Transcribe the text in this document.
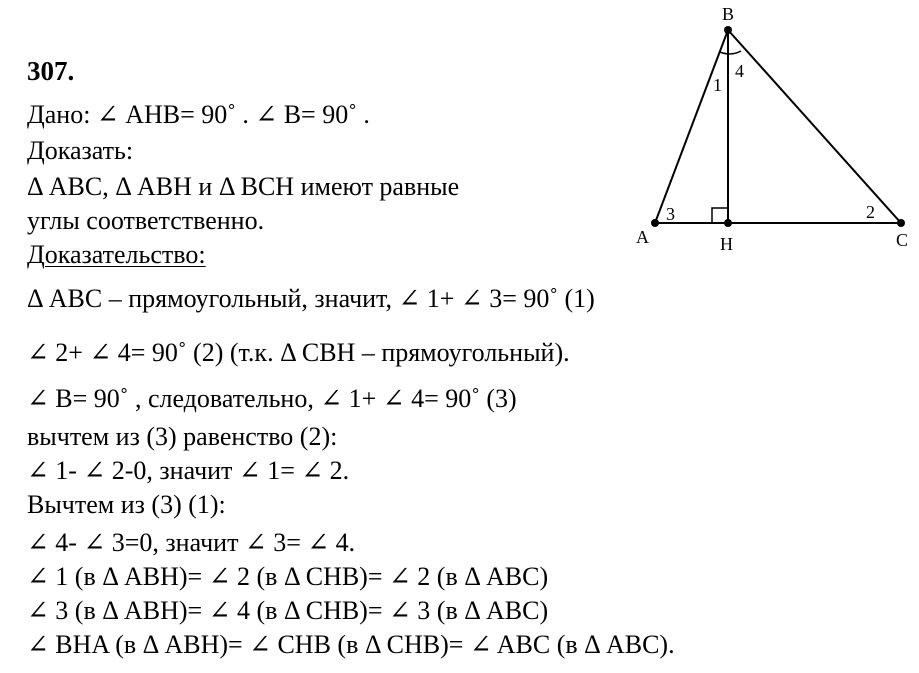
307.
Дано: ∠ AHB= 90˚ . ∠ B= 90˚ .
Доказать:
Δ ABC, Δ ABH и Δ BCH имеют равные
углы соответственно.
Доказательство:
Δ ABC – прямоугольный, значит, ∠ 1+ ∠ 3= 90˚ (1)
∠ 2+ ∠ 4= 90˚ (2) (т.к. Δ CBH – прямоугольный).
∠ B= 90˚ , следовательно, ∠ 1+ ∠ 4= 90˚ (3)
вычтем из (3) равенство (2):
∠ 1- ∠ 2-0, значит ∠ 1= ∠ 2.
Вычтем из (3) (1):
∠ 4- ∠ 3=0, значит ∠ 3= ∠ 4.
∠ 1 (в Δ ABH)= ∠ 2 (в Δ CHB)= ∠ 2 (в Δ ABC)
∠ 3 (в Δ ABH)= ∠ 4 (в Δ CHB)= ∠ 3 (в Δ ABC)
∠ BHA (в Δ ABH)= ∠ CHB (в Δ CHB)= ∠ ABC (в Δ ABC).
B
A	H	C
1
4
3	2
